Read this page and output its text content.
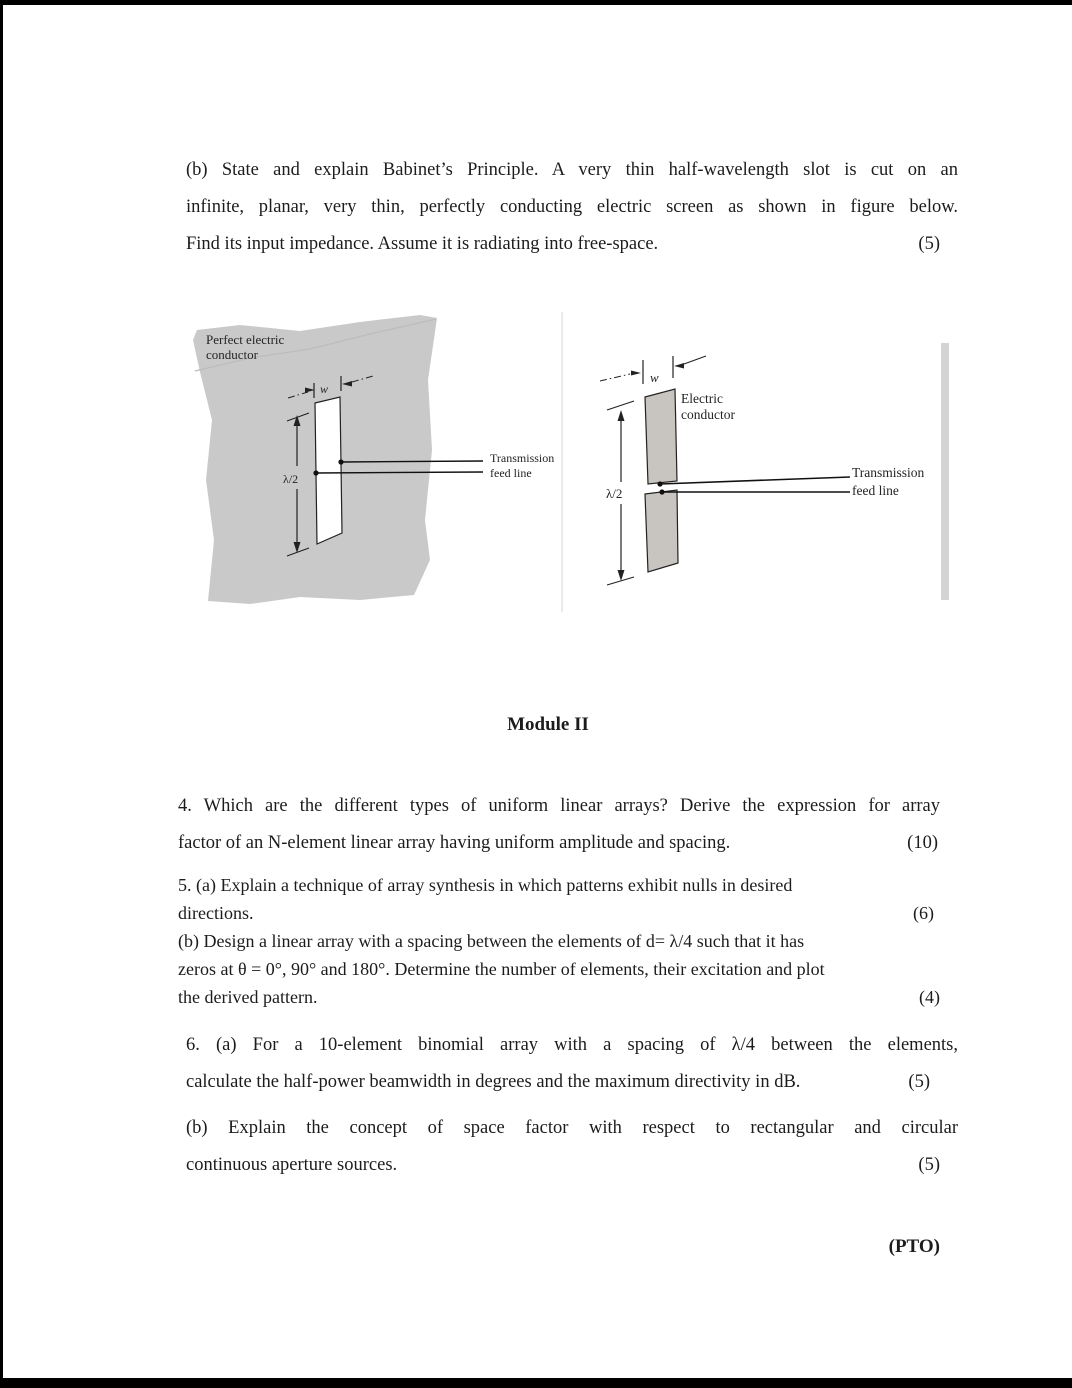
(b) State and explain Babinet’s Principle. A very thin half-wavelength slot is cut on an
infinite, planar, very thin, perfectly conducting electric screen as shown in figure below.
Find its input impedance. Assume it is radiating into free-space.	(5)
Perfect electric
conductor
w
λ/2
Transmission
feed line
w
Electric
conductor
λ/2
Transmission
feed line
Module II
4. Which are the different types of uniform linear arrays? Derive the expression for array
factor of an N-element linear array having uniform amplitude and spacing.	(10)
5. (a) Explain a technique of array synthesis in which patterns exhibit nulls in desired
directions.	(6)
(b) Design a linear array with a spacing between the elements of d= λ/4 such that it has
zeros at θ = 0°, 90° and 180°. Determine the number of elements, their excitation and plot
the derived pattern.	(4)
6. (a) For a 10-element binomial array with a spacing of λ/4 between the elements,
calculate the half-power beamwidth in degrees and the maximum directivity in dB.	(5)
(b) Explain the concept of space factor with respect to rectangular and circular
continuous aperture sources.	(5)
(PTO)
